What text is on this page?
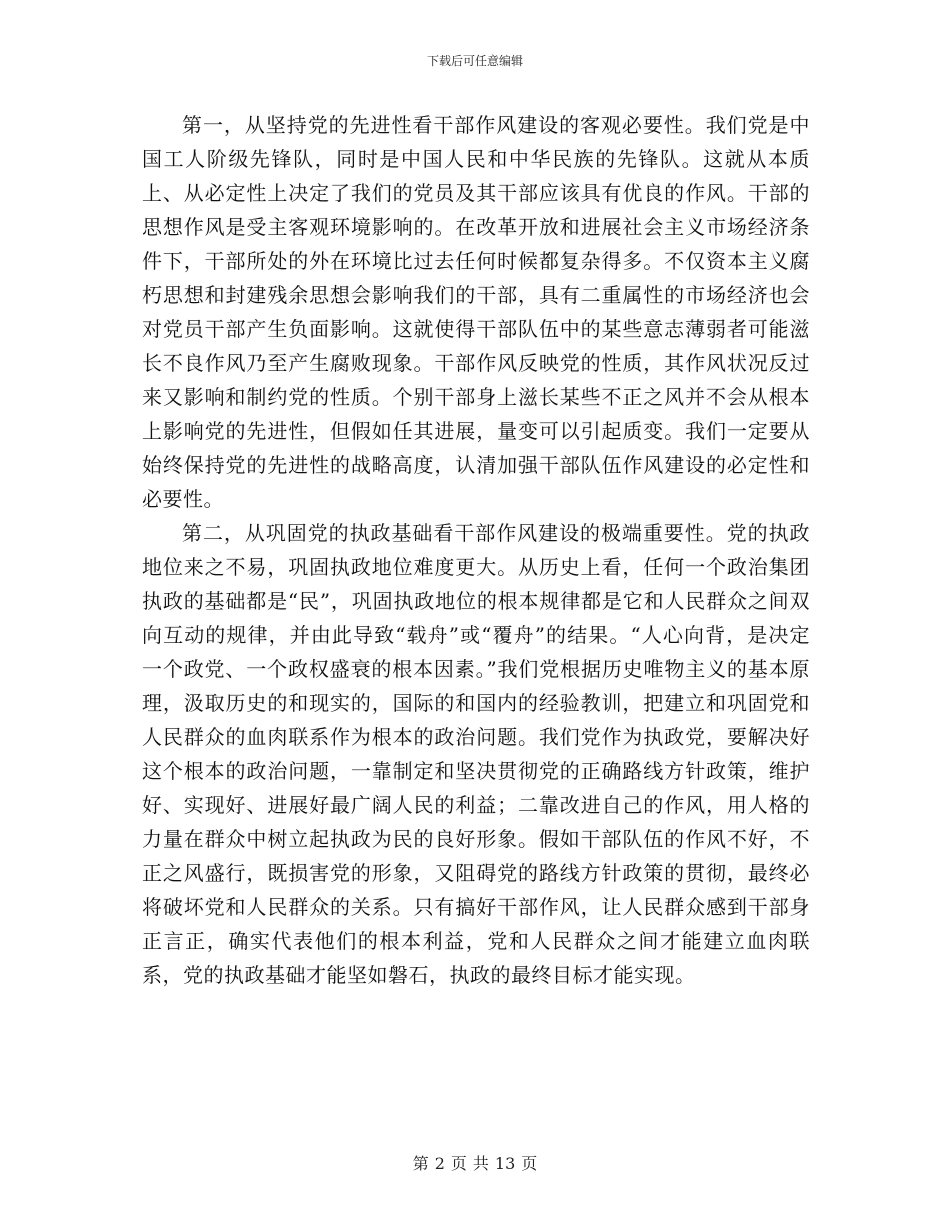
下载后可任意编辑

第一，从坚持党的先进性看干部作风建设的客观必要性。我们党是中国工人阶级先锋队，同时是中国人民和中华民族的先锋队。这就从本质上、从必定性上决定了我们的党员及其干部应该具有优良的作风。干部的思想作风是受主客观环境影响的。在改革开放和进展社会主义市场经济条件下，干部所处的外在环境比过去任何时候都复杂得多。不仅资本主义腐朽思想和封建残余思想会影响我们的干部，具有二重属性的市场经济也会对党员干部产生负面影响。这就使得干部队伍中的某些意志薄弱者可能滋长不良作风乃至产生腐败现象。干部作风反映党的性质，其作风状况反过来又影响和制约党的性质。个别干部身上滋长某些不正之风并不会从根本上影响党的先进性，但假如任其进展，量变可以引起质变。我们一定要从始终保持党的先进性的战略高度，认清加强干部队伍作风建设的必定性和必要性。

第二，从巩固党的执政基础看干部作风建设的极端重要性。党的执政地位来之不易，巩固执政地位难度更大。从历史上看，任何一个政治集团执政的基础都是“民”，巩固执政地位的根本规律都是它和人民群众之间双向互动的规律，并由此导致“载舟”或“覆舟”的结果。“人心向背，是决定一个政党、一个政权盛衰的根本因素。”我们党根据历史唯物主义的基本原理，汲取历史的和现实的，国际的和国内的经验教训，把建立和巩固党和人民群众的血肉联系作为根本的政治问题。我们党作为执政党，要解决好这个根本的政治问题，一靠制定和坚决贯彻党的正确路线方针政策，维护好、实现好、进展好最广阔人民的利益；二靠改进自己的作风，用人格的力量在群众中树立起执政为民的良好形象。假如干部队伍的作风不好，不正之风盛行，既损害党的形象，又阻碍党的路线方针政策的贯彻，最终必将破坏党和人民群众的关系。只有搞好干部作风，让人民群众感到干部身正言正，确实代表他们的根本利益，党和人民群众之间才能建立血肉联系，党的执政基础才能坚如磐石，执政的最终目标才能实现。

第 2 页 共 13 页
